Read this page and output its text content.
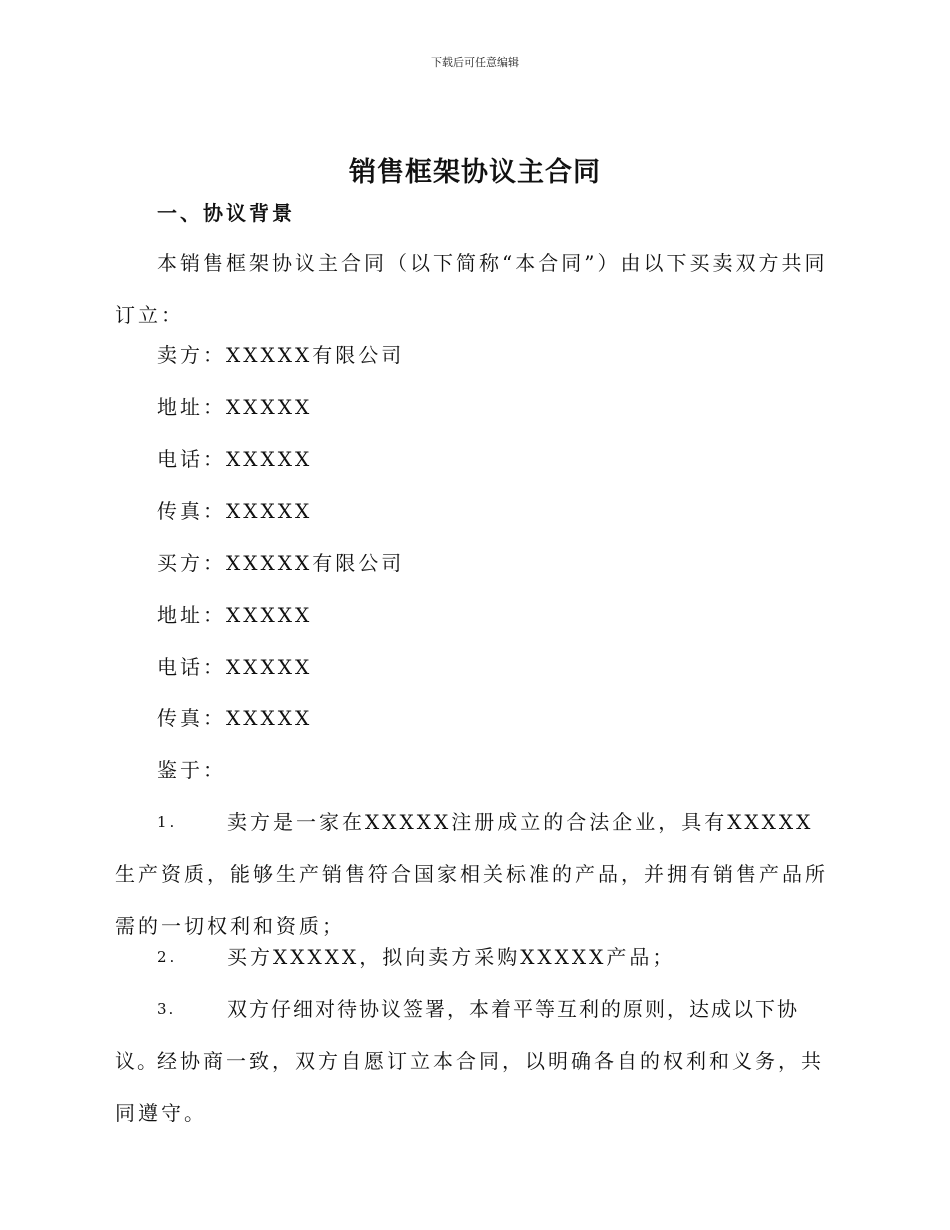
下载后可任意编辑
销售框架协议主合同
一、协议背景
本销售框架协议主合同（以下简称“本合同”）由以下买卖双方共同订立：
卖方：XXXXX有限公司
地址：XXXXX
电话：XXXXX
传真：XXXXX
买方：XXXXX有限公司
地址：XXXXX
电话：XXXXX
传真：XXXXX
鉴于：
1.	卖方是一家在XXXXX注册成立的合法企业，具有XXXXX生产资质，能够生产销售符合国家相关标准的产品，并拥有销售产品所需的一切权利和资质；
2.	买方XXXXX，拟向卖方采购XXXXX产品；
3.	双方仔细对待协议签署，本着平等互利的原则，达成以下协议。
经协商一致，双方自愿订立本合同，以明确各自的权利和义务，共同遵守。
